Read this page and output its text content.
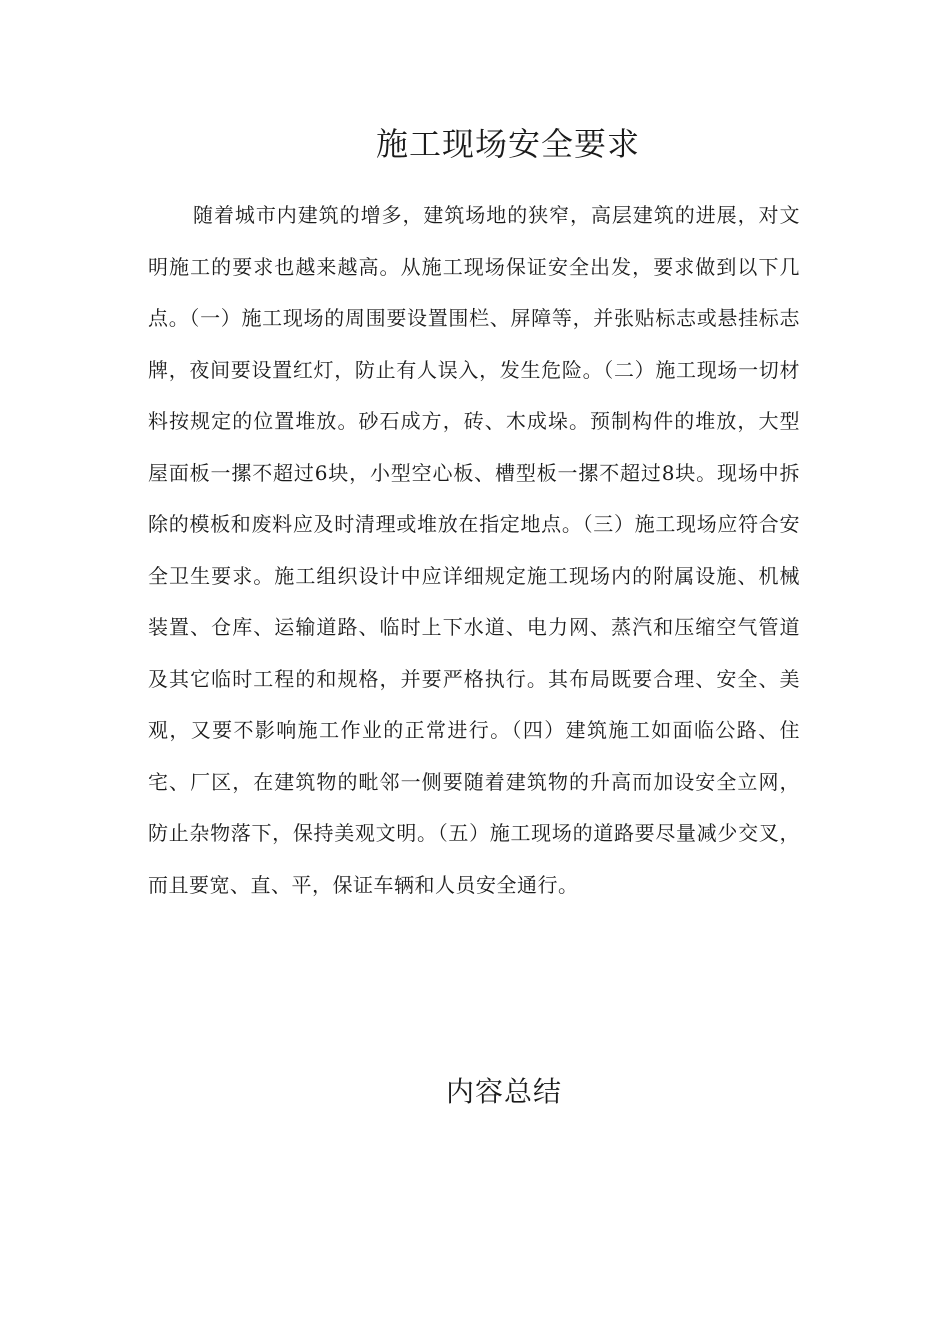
施工现场安全要求

随着城市内建筑的增多，建筑场地的狭窄，高层建筑的进展，对文明施工的要求也越来越高。从施工现场保证安全出发，要求做到以下几点。（一）施工现场的周围要设置围栏、屏障等，并张贴标志或悬挂标志牌，夜间要设置红灯，防止有人误入，发生危险。（二）施工现场一切材料按规定的位置堆放。砂石成方，砖、木成垛。预制构件的堆放，大型屋面板一摞不超过6块，小型空心板、槽型板一摞不超过8块。现场中拆除的模板和废料应及时清理或堆放在指定地点。（三）施工现场应符合安全卫生要求。施工组织设计中应详细规定施工现场内的附属设施、机械装置、仓库、运输道路、临时上下水道、电力网、蒸汽和压缩空气管道及其它临时工程的和规格，并要严格执行。其布局既要合理、安全、美观，又要不影响施工作业的正常进行。（四）建筑施工如面临公路、住宅、厂区，在建筑物的毗邻一侧要随着建筑物的升高而加设安全立网，防止杂物落下，保持美观文明。（五）施工现场的道路要尽量减少交叉，而且要宽、直、平，保证车辆和人员安全通行。

内容总结
